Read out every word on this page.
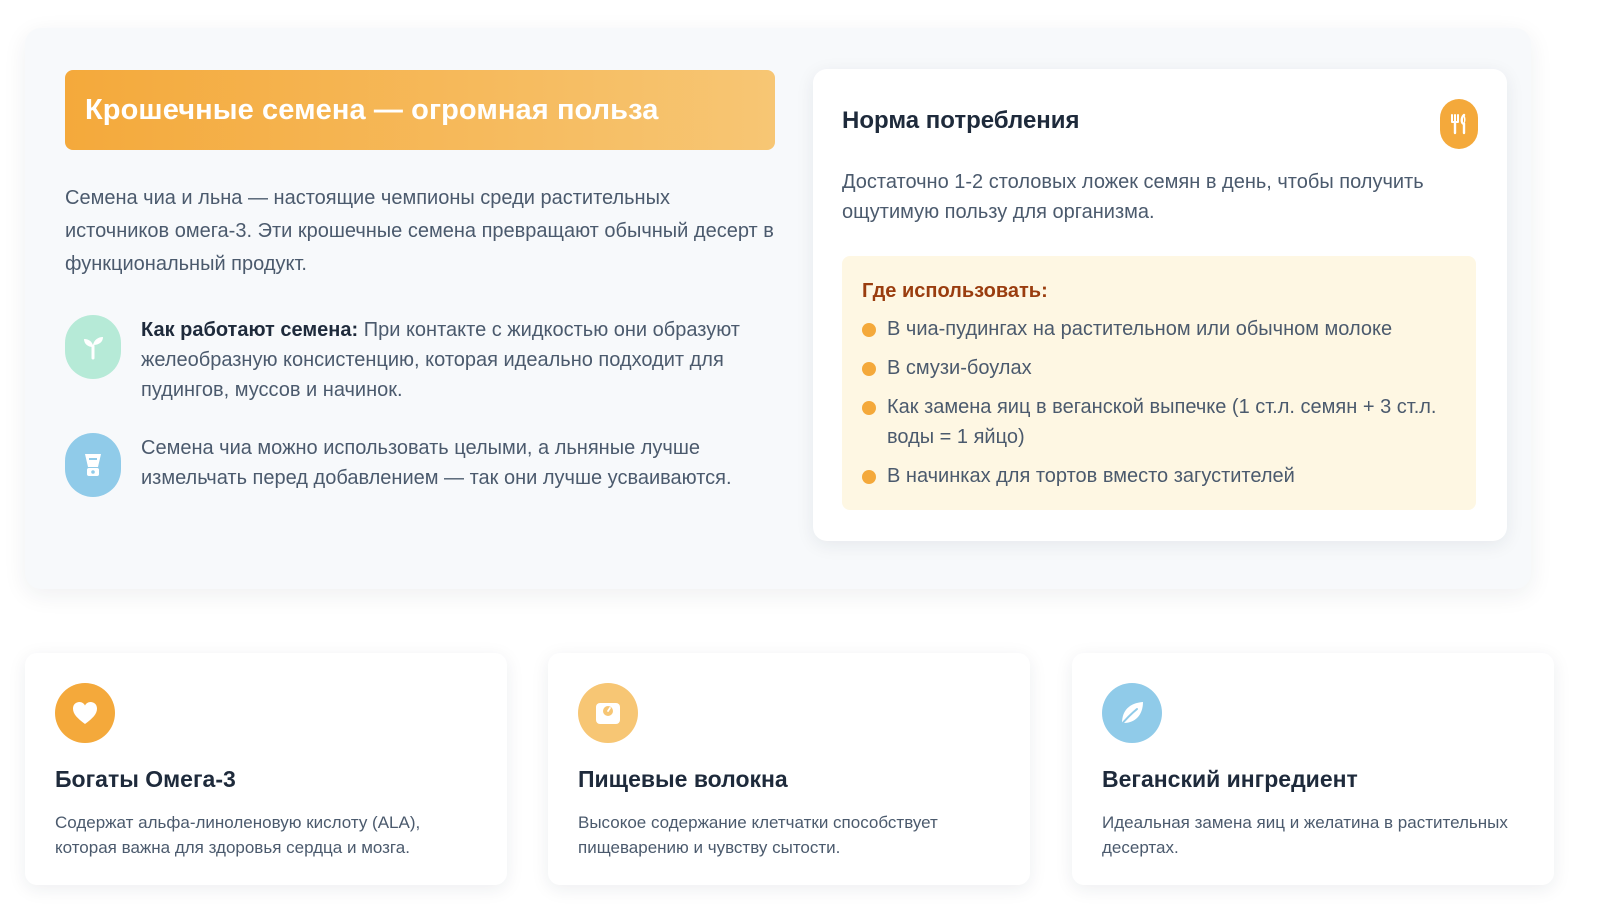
Крошечные семена — огромная польза

Семена чиа и льна — настоящие чемпионы среди растительных источников омега-3. Эти крошечные семена превращают обычный десерт в функциональный продукт.

Как работают семена: При контакте с жидкостью они образуют желеобразную консистенцию, которая идеально подходит для пудингов, муссов и начинок.
Семена чиа можно использовать целыми, а льняные лучше измельчать перед добавлением — так они лучше усваиваются.
Норма потребления

Достаточно 1-2 столовых ложек семян в день, чтобы получить ощутимую пользу для организма.

Где использовать:
В чиа-пудингах на растительном или обычном молоке
В смузи-боулах
Как замена яиц в веганской выпечке (1 ст.л. семян + 3 ст.л. воды = 1 яйцо)
В начинках для тортов вместо загустителей
Богаты Омега-3

Содержат альфа-линоленовую кислоту (ALA), которая важна для здоровья сердца и мозга.

Пищевые волокна

Высокое содержание клетчатки способствует пищеварению и чувству сытости.

Веганский ингредиент

Идеальная замена яиц и желатина в растительных десертах.
